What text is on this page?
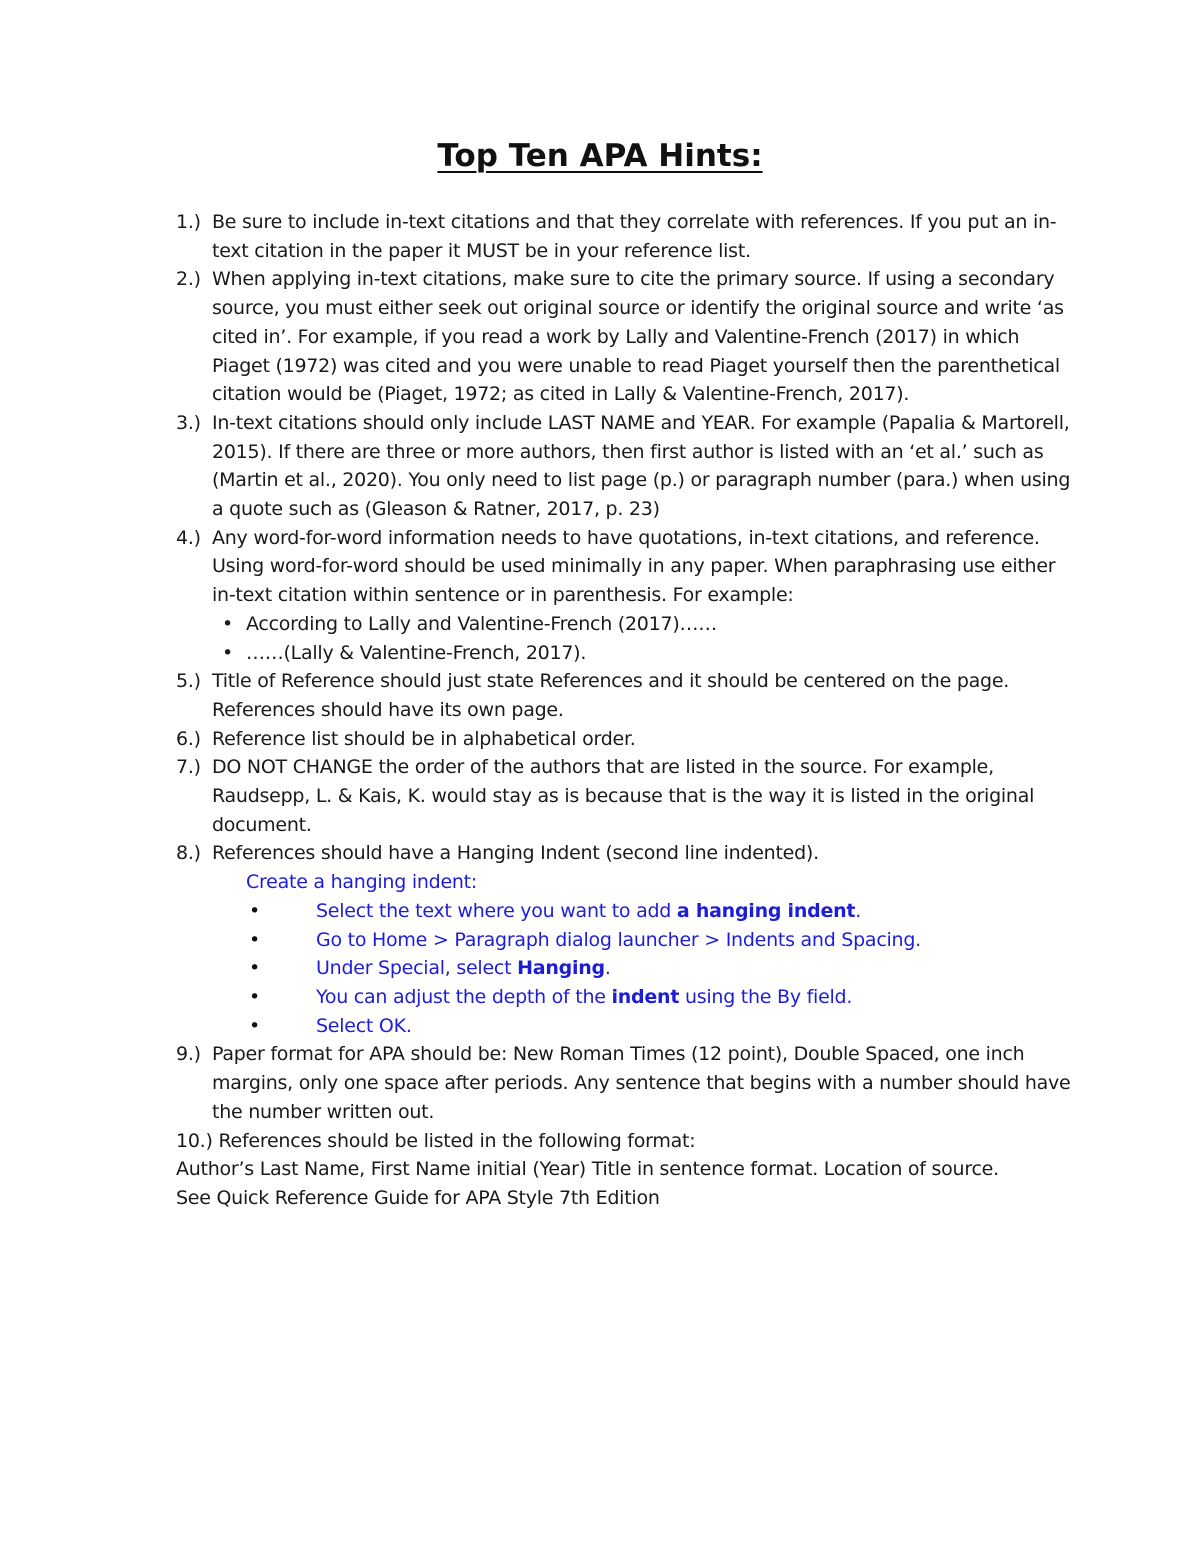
Top Ten APA Hints:
1.) Be sure to include in-text citations and that they correlate with references. If you put an in-text citation in the paper it MUST be in your reference list.
2.) When applying in-text citations, make sure to cite the primary source. If using a secondary source, you must either seek out original source or identify the original source and write ‘as cited in’. For example, if you read a work by Lally and Valentine-French (2017) in which Piaget (1972) was cited and you were unable to read Piaget yourself then the parenthetical citation would be (Piaget, 1972; as cited in Lally & Valentine-French, 2017).
3.) In-text citations should only include LAST NAME and YEAR. For example (Papalia & Martorell, 2015). If there are three or more authors, then first author is listed with an ‘et al.’ such as (Martin et al., 2020). You only need to list page (p.) or paragraph number (para.) when using a quote such as (Gleason & Ratner, 2017, p. 23)
4.) Any word-for-word information needs to have quotations, in-text citations, and reference. Using word-for-word should be used minimally in any paper. When paraphrasing use either in-text citation within sentence or in parenthesis. For example:
• According to Lally and Valentine-French (2017)……
• ……(Lally & Valentine-French, 2017).
5.) Title of Reference should just state References and it should be centered on the page. References should have its own page.
6.) Reference list should be in alphabetical order.
7.) DO NOT CHANGE the order of the authors that are listed in the source. For example, Raudsepp, L. & Kais, K. would stay as is because that is the way it is listed in the original document.
8.) References should have a Hanging Indent (second line indented).
Create a hanging indent:
•	Select the text where you want to add a hanging indent.
•	Go to Home > Paragraph dialog launcher > Indents and Spacing.
•	Under Special, select Hanging.
•	You can adjust the depth of the indent using the By field.
•	Select OK.
9.) Paper format for APA should be: New Roman Times (12 point), Double Spaced, one inch margins, only one space after periods. Any sentence that begins with a number should have the number written out.
10.) References should be listed in the following format:
Author’s Last Name, First Name initial (Year) Title in sentence format. Location of source.
See Quick Reference Guide for APA Style 7th Edition
